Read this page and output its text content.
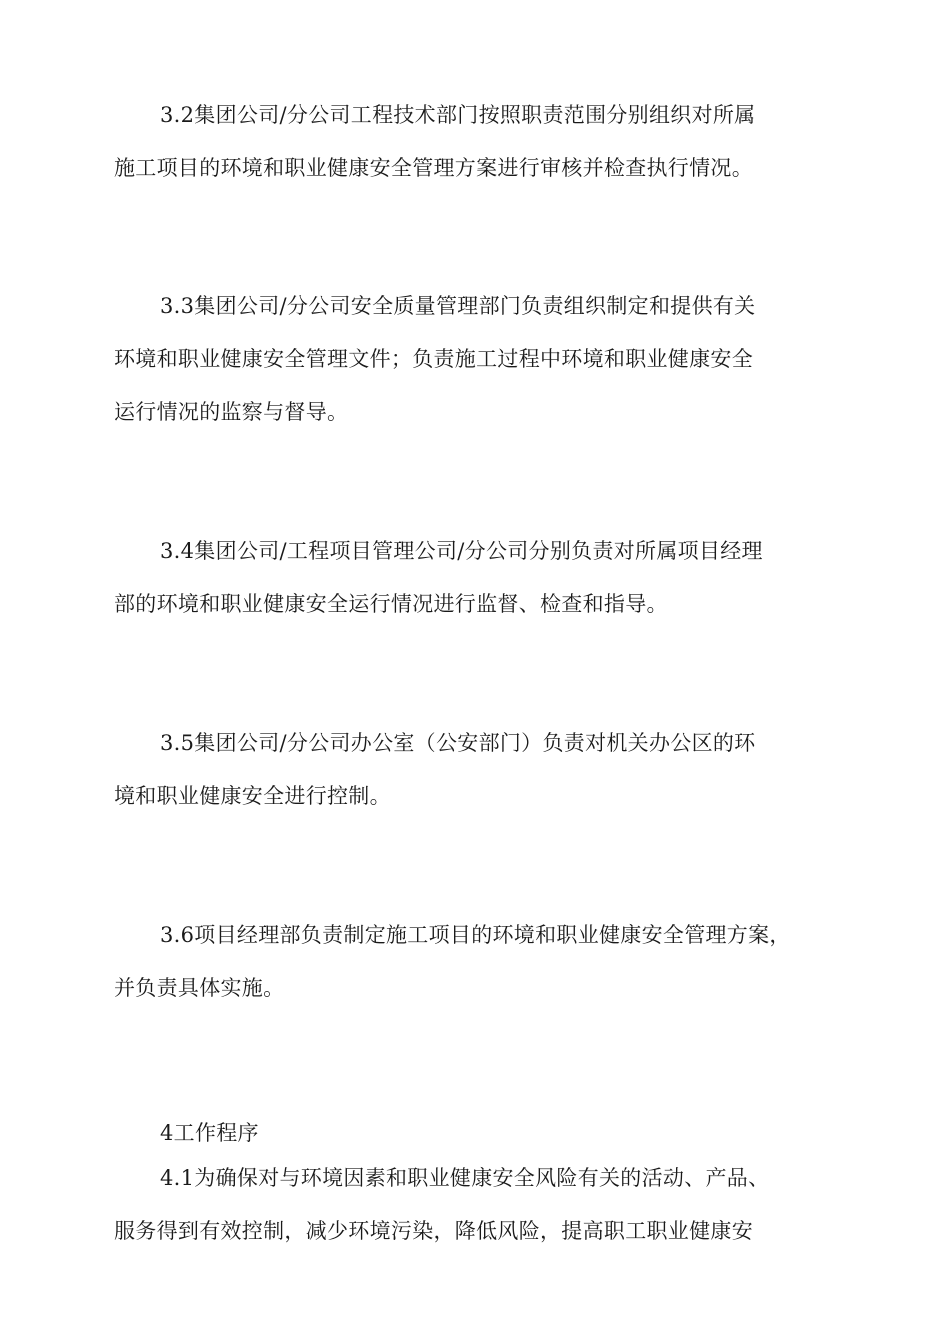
3.2集团公司/分公司工程技术部门按照职责范围分别组织对所属
施工项目的环境和职业健康安全管理方案进行审核并检查执行情况。
3.3集团公司/分公司安全质量管理部门负责组织制定和提供有关
环境和职业健康安全管理文件；负责施工过程中环境和职业健康安全
运行情况的监察与督导。
3.4集团公司/工程项目管理公司/分公司分别负责对所属项目经理
部的环境和职业健康安全运行情况进行监督、检查和指导。
3.5集团公司/分公司办公室（公安部门）负责对机关办公区的环
境和职业健康安全进行控制。
3.6项目经理部负责制定施工项目的环境和职业健康安全管理方案，
并负责具体实施。
4工作程序
4.1为确保对与环境因素和职业健康安全风险有关的活动、产品、
服务得到有效控制，减少环境污染，降低风险，提高职工职业健康安
